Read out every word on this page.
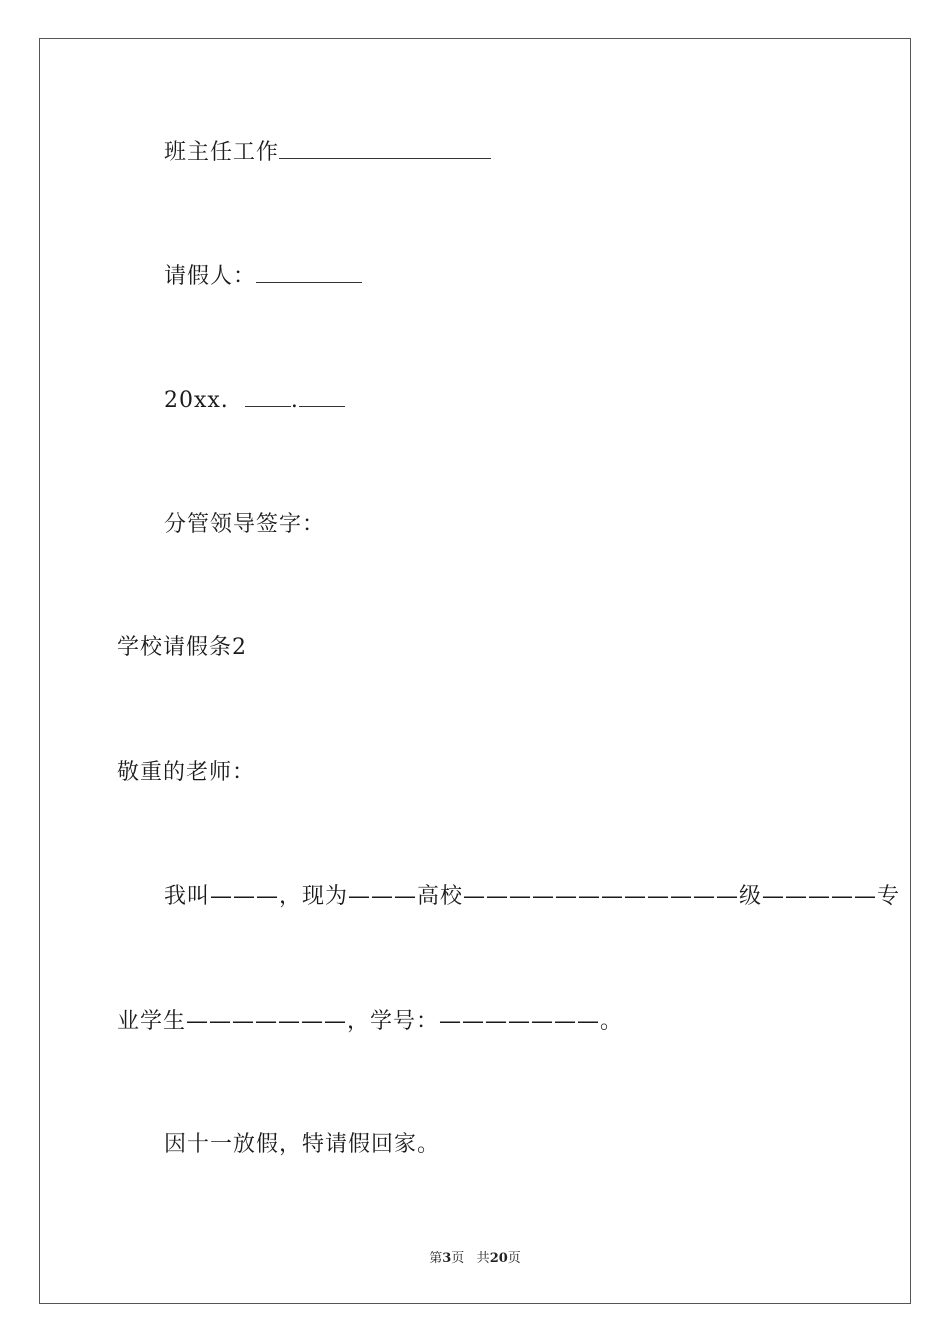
班主任工作
请假人：
20xx.	.
分管领导签字：
学校请假条2
敬重的老师：
我叫———，现为———高校————————————级—————专
业学生———————，学号：———————。
因十一放假，特请假回家。
第3页 共20页
